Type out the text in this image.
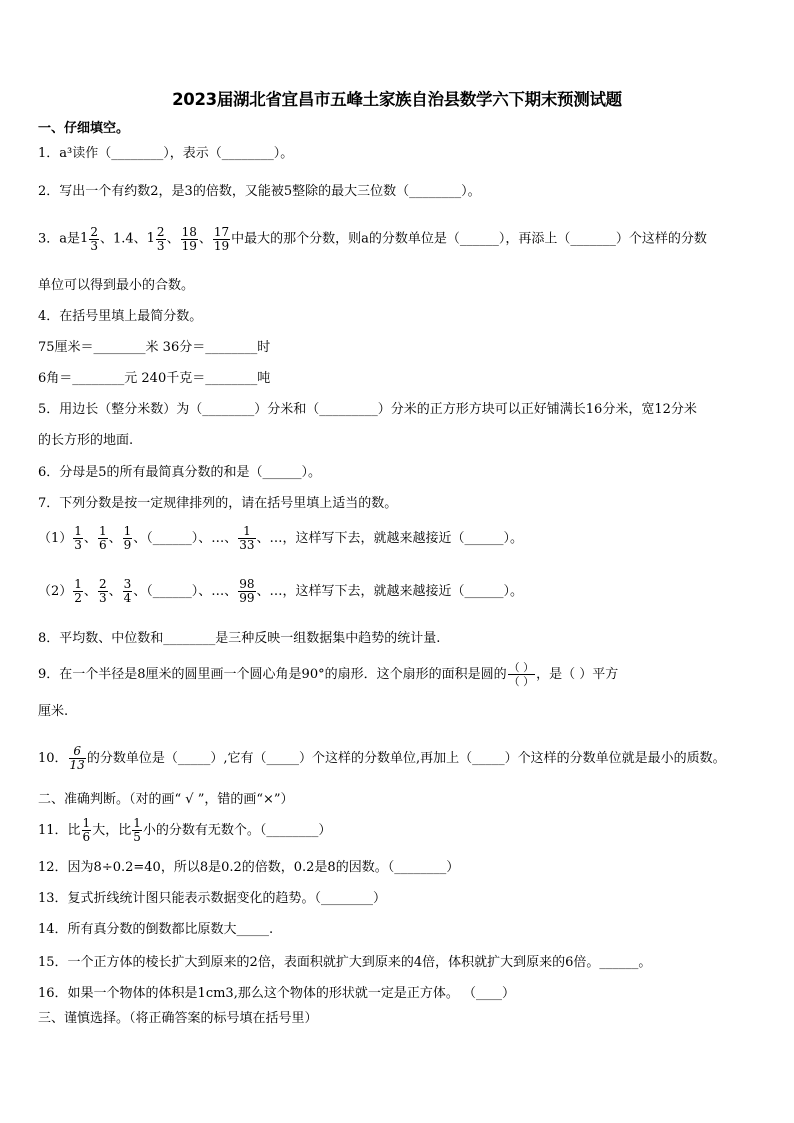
2023届湖北省宜昌市五峰土家族自治县数学六下期末预测试题
一、仔细填空。
1．a³读作（________），表示（________）。
2．写出一个有约数2，是3的倍数，又能被5整除的最大三位数（________）。
3．a是$1 \frac{2}{3}$ 、1.4、$1 \frac{2}{3}$ 、 $\frac{18}{19}$ 、 $\frac{17}{19}$ 中最大的那个分数，则a的分数单位是（______），再添上（_______）个这样的分数
单位可以得到最小的合数。
4．在括号里填上最简分数。
75厘米＝________米 36分＝________时
6角＝________元 240千克＝________吨
5．用边长（整分米数）为（________）分米和（_________）分米的正方形方块可以正好铺满长16分米，宽12分米
的长方形的地面.
6．分母是5的所有最简真分数的和是（______）。
7．下列分数是按一定规律排列的，请在括号里填上适当的数。
$(1) \frac{1}{3}$ 、 $\frac{1}{6}$ 、 $\frac{1}{9}$ 、（______）、…、 $\frac{1}{33}$ 、…，这样写下去，就越来越接近（______）。
$(2) \frac{1}{2}$ 、 $\frac{2}{3}$ 、 $\frac{3}{4}$ 、（______）、…、 $\frac{98}{99}$ 、…，这样写下去，就越来越接近（______）。
8．平均数、中位数和________是三种反映一组数据集中趋势的统计量.
9．在一个半径是8厘米的圆里画一个圆心角是90°的扇形．这个扇形的面积是圆的 $\frac{( )}{( )}$ ，是（ ）平方
厘米.
10． $\frac{6}{13}$ 的分数单位是（_____）,它有（_____）个这样的分数单位,再加上（_____）个这样的分数单位就是最小的质数。
二、准确判断。（对的画“ √ ”，错的画“×”）
11．比 $\frac{1}{6}$ 大，比 $\frac{1}{5}$ 小的分数有无数个。（________）
12．因为8÷0.2=40，所以8是0.2的倍数，0.2是8的因数。（________）
13．复式折线统计图只能表示数据变化的趋势。（________）
14．所有真分数的倒数都比原数大_____.
15．一个正方体的棱长扩大到原来的2倍，表面积就扩大到原来的4倍，体积就扩大到原来的6倍。______。
16．如果一个物体的体积是1cm3,那么这个物体的形状就一定是正方体。 （____）
三、谨慎选择。（将正确答案的标号填在括号里）
